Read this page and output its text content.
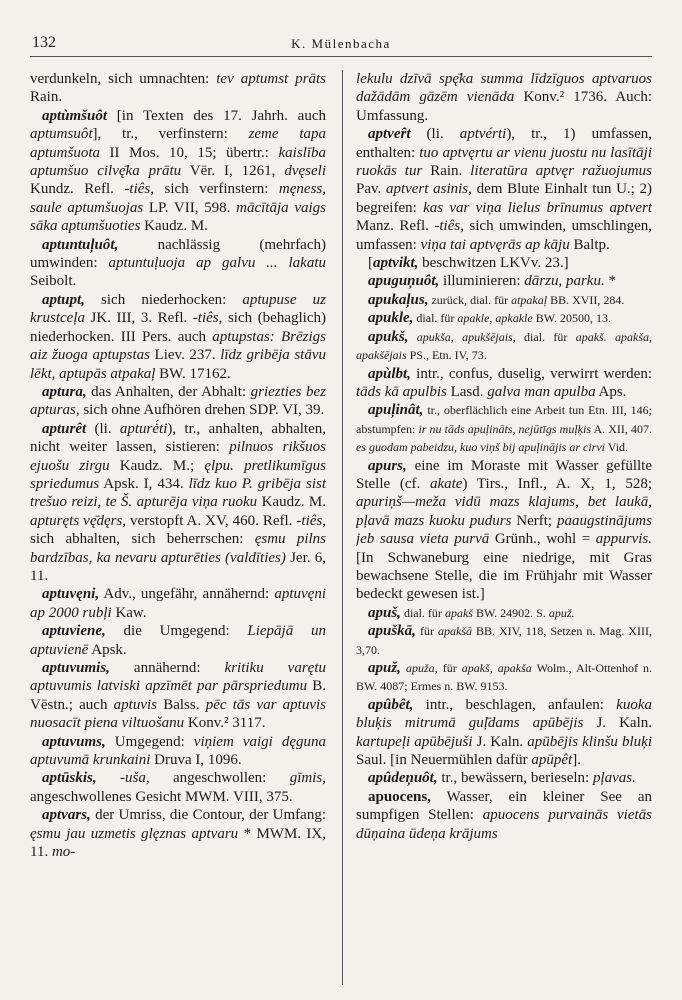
132	K. Mülenbacha

verdunkeln, sich umnachten: tev aptumst prāts Rain.

aptùmšuôt [in Texten des 17. Jahrh. auch aptumsuôt], tr., verfinstern: zeme tapa aptumšuota II Mos. 10, 15; übertr.: kaislība aptumšuo cilvę̄ka prātu Vēr. I, 1261, dvęseli Kundz. Refl. -tiês, sich verfinstern: męness, saule aptumšuojas LP. VII, 598. mācītāja vaigs sāka aptumšuoties Kaudz. M.

aptuntuļuôt, nachlässig (mehrfach) umwinden: aptuntuļuoja ap galvu ... lakatu Seibolt.

aptupt, sich niederhocken: aptupuse uz krustceļa JK. III, 3. Refl. -tiês, sich (behaglich) niederhocken. III Pers. auch aptupstas: Brēzigs aiz žuoga aptupstas Liev. 237. līdz gribēja stāvu lēkt, aptupās atpakaļ BW. 17162.

aptura, das Anhalten, der Abhalt: griezties bez apturas, sich ohne Aufhören drehen SDP. VI, 39.

apturêt (li. apturė́ti), tr., anhalten, abhalten, nicht weiter lassen, sistieren: pilnuos rikšuos ejuošu zirgu Kaudz. M.; ęlpu. pretlikumīgus spriedumus Apsk. I, 434. līdz kuo P. gribēja sist trešuo reizi, te Š. apturēja viņa ruoku Kaudz. M. apturęts vę̄dęrs, verstopft A. XV, 460. Refl. -tiês, sich abhalten, sich beherrschen: ęsmu pilns bardzības, ka nevaru apturēties (valdīties) Jer. 6, 11.

aptuvęni, Adv., ungefähr, annähernd: aptuvęni ap 2000 rubļi Kaw.

aptuviene, die Umgegend: Liepājā un aptuvienē Apsk.

aptuvumis, annähernd: kritiku varętu aptuvumis latviski apzīmēt par pārspriedumu B. Vēstn.; auch aptuvis Balss. pēc tās var aptuvis nuosacīt piena viltuošanu Konv.² 3117.

aptuvums, Umgegend: viņiem vaigi dęguna aptuvumā krunkaini Druva I, 1096.

aptūskis, -uša, angeschwollen: gīmis, angeschwollenes Gesicht MWM. VIII, 375.

aptvars, der Umriss, die Contour, der Umfang: ęsmu jau uzmetis glęznas aptvaru * MWM. IX, 11. mo-

lekulu dzīvā spę̄ka summa līdzīguos aptvaruos dažādām gāzēm vienāda Konv.² 1736. Auch: Umfassung.

aptveȓt (li. aptvérti), tr., 1) umfassen, enthalten: tuo aptvęrtu ar vienu juostu nu lasītāji ruokās tur Rain. literatūra aptvęr ražuojumus Pav. aptvert asinis, dem Blute Einhalt tun U.; 2) begreifen: kas var viņa lielus brīnumus aptvert Manz. Refl. -tiês, sich umwinden, umschlingen, umfassen: viņa tai aptvęrās ap kāju Baltp.

[aptvikt, beschwitzen LKVv. 23.]

apuguņuôt, illuminieren: dārzu, parku. *

apukaļus, zurück, dial. für atpakaļ BB. XVII, 284.

apukle, dial. für apakle, apkakle BW. 20500, 13.

apukš, apukša, apukšējais, dial. für apakš. apakša, apakšējais PS., Etn. IV, 73.

apùlbt, intr., confus, duselig, verwirrt werden: tāds kā apulbis Lasd. galva man apulba Aps.

apuļinât, tr., oberflächlich eine Arbeit tun Etn. III, 146; abstumpfen: ir nu tāds apuļināts, nejūtīgs muļķis A. XII, 407. es guodam pabeidzu, kuo viņš bij apuļinājis ar cirvi Vid.

apurs, eine im Moraste mit Wasser gefüllte Stelle (cf. akate) Tirs., Infl., A. X, 1, 528; apuriņš—meža vidū mazs klajums, bet laukā, pļavā mazs kuoku pudurs Nerft; paaugstinājums jeb sausa vieta purvā Grünh., wohl = appurvis. [In Schwaneburg eine niedrige, mit Gras bewachsene Stelle, die im Frühjahr mit Wasser bedeckt gewesen ist.]

apuš, dial. für apakš BW. 24902. S. apuž.

apuškā, für apakšā BB. XIV, 118, Setzen n. Mag. XIII, 3,70.

apuž, apuža, für apakš, apakša Wolm., Alt-Ottenhof n. BW. 4087; Ermes n. BW. 9153.

apûbêt, intr., beschlagen, anfaulen: kuoka bluķis mitrumā guļ̄dams apūbējis J. Kaln. kartupeļi apūbējuši J. Kaln. apūbējis klinšu bluķi Saul. [in Neuermühlen dafür apūpêt].

apûdeņuôt, tr., bewässern, berieseln: pļavas.

apuocens, Wasser, ein kleiner See an sumpfigen Stellen: apuocens purvainās vietās dūņaina ūdeņa krājums
